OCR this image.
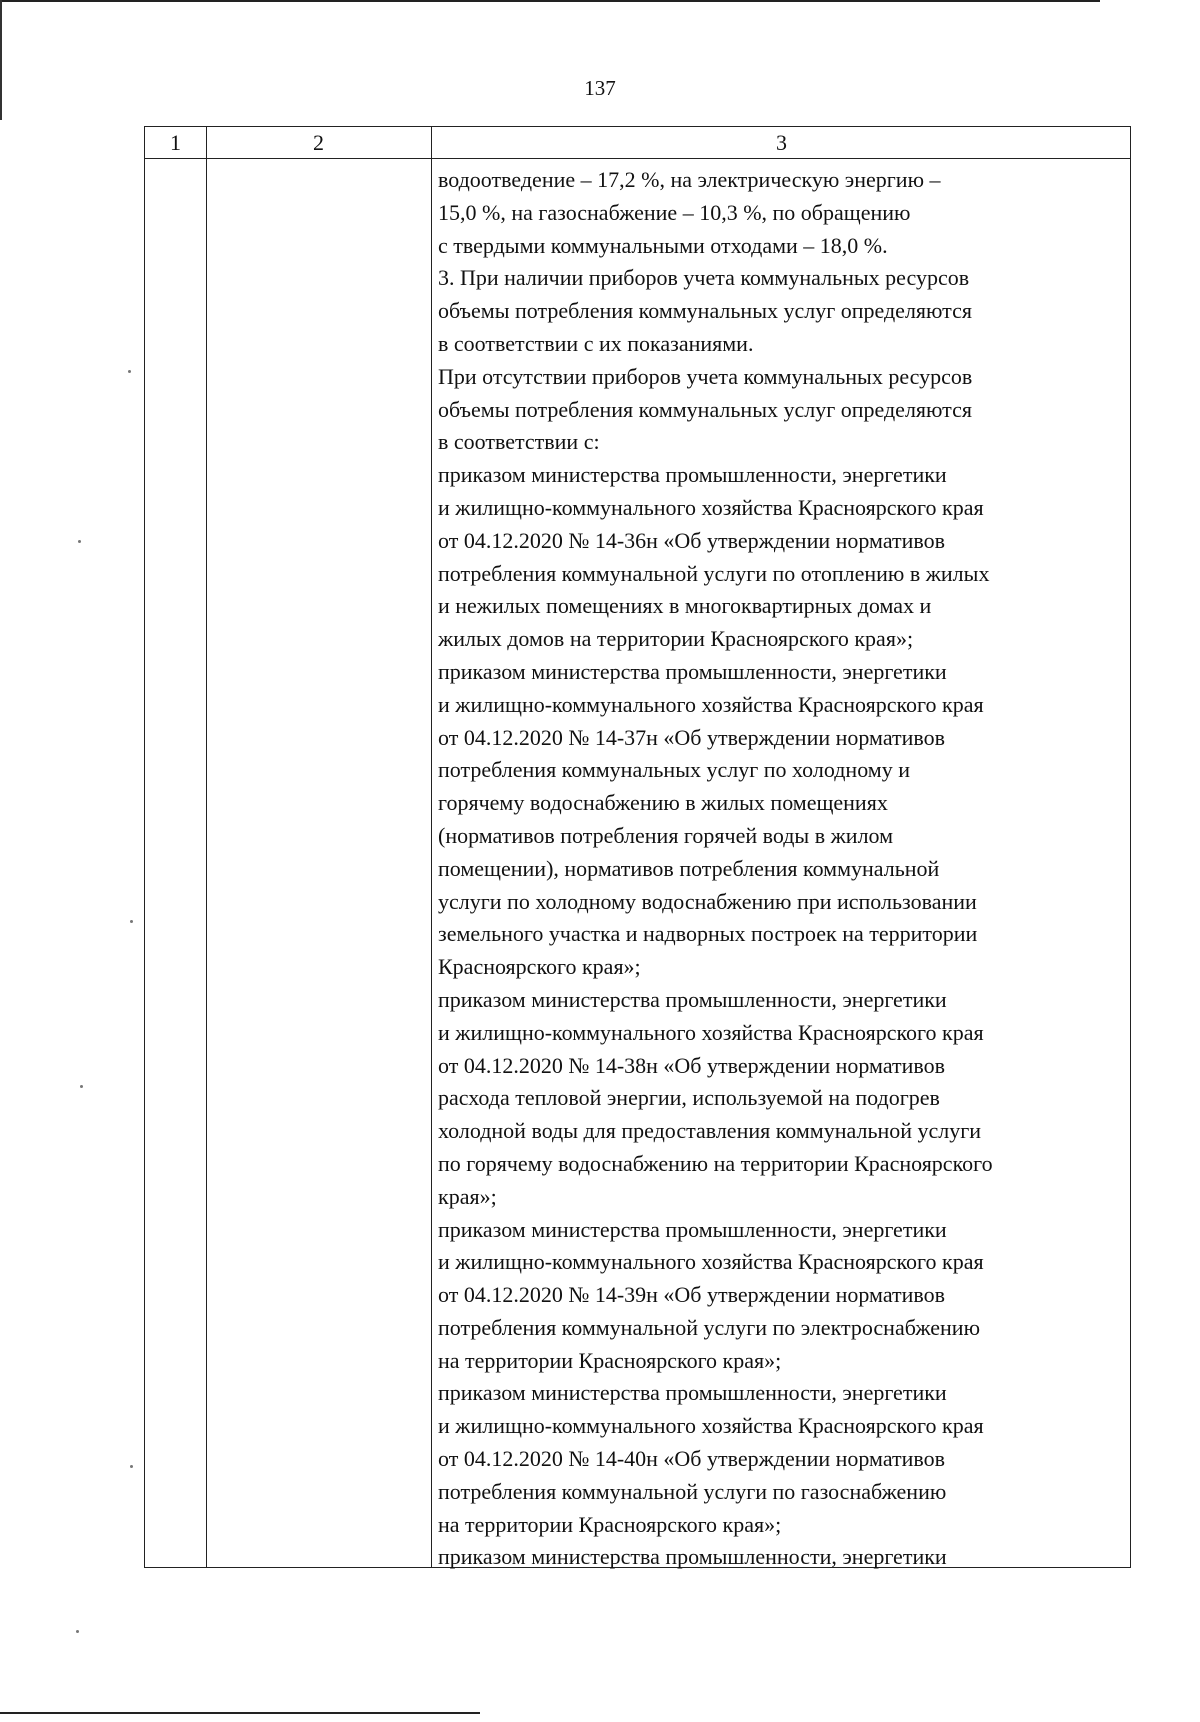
137
1	2	3
водоотведение – 17,2 %, на электрическую энергию –
15,0 %, на газоснабжение – 10,3 %, по обращению
с твердыми коммунальными отходами – 18,0 %.
3. При наличии приборов учета коммунальных ресурсов
объемы потребления коммунальных услуг определяются
в соответствии с их показаниями.
При отсутствии приборов учета коммунальных ресурсов
объемы потребления коммунальных услуг определяются
в соответствии с:
приказом министерства промышленности, энергетики
и жилищно-коммунального хозяйства Красноярского края
от 04.12.2020 № 14-36н «Об утверждении нормативов
потребления коммунальной услуги по отоплению в жилых
и нежилых помещениях в многоквартирных домах и
жилых домов на территории Красноярского края»;
приказом министерства промышленности, энергетики
и жилищно-коммунального хозяйства Красноярского края
от 04.12.2020 № 14-37н «Об утверждении нормативов
потребления коммунальных услуг по холодному и
горячему водоснабжению в жилых помещениях
(нормативов потребления горячей воды в жилом
помещении), нормативов потребления коммунальной
услуги по холодному водоснабжению при использовании
земельного участка и надворных построек на территории
Красноярского края»;
приказом министерства промышленности, энергетики
и жилищно-коммунального хозяйства Красноярского края
от 04.12.2020 № 14-38н «Об утверждении нормативов
расхода тепловой энергии, используемой на подогрев
холодной воды для предоставления коммунальной услуги
по горячему водоснабжению на территории Красноярского
края»;
приказом министерства промышленности, энергетики
и жилищно-коммунального хозяйства Красноярского края
от 04.12.2020 № 14-39н «Об утверждении нормативов
потребления коммунальной услуги по электроснабжению
на территории Красноярского края»;
приказом министерства промышленности, энергетики
и жилищно-коммунального хозяйства Красноярского края
от 04.12.2020 № 14-40н «Об утверждении нормативов
потребления коммунальной услуги по газоснабжению
на территории Красноярского края»;
приказом министерства промышленности, энергетики
